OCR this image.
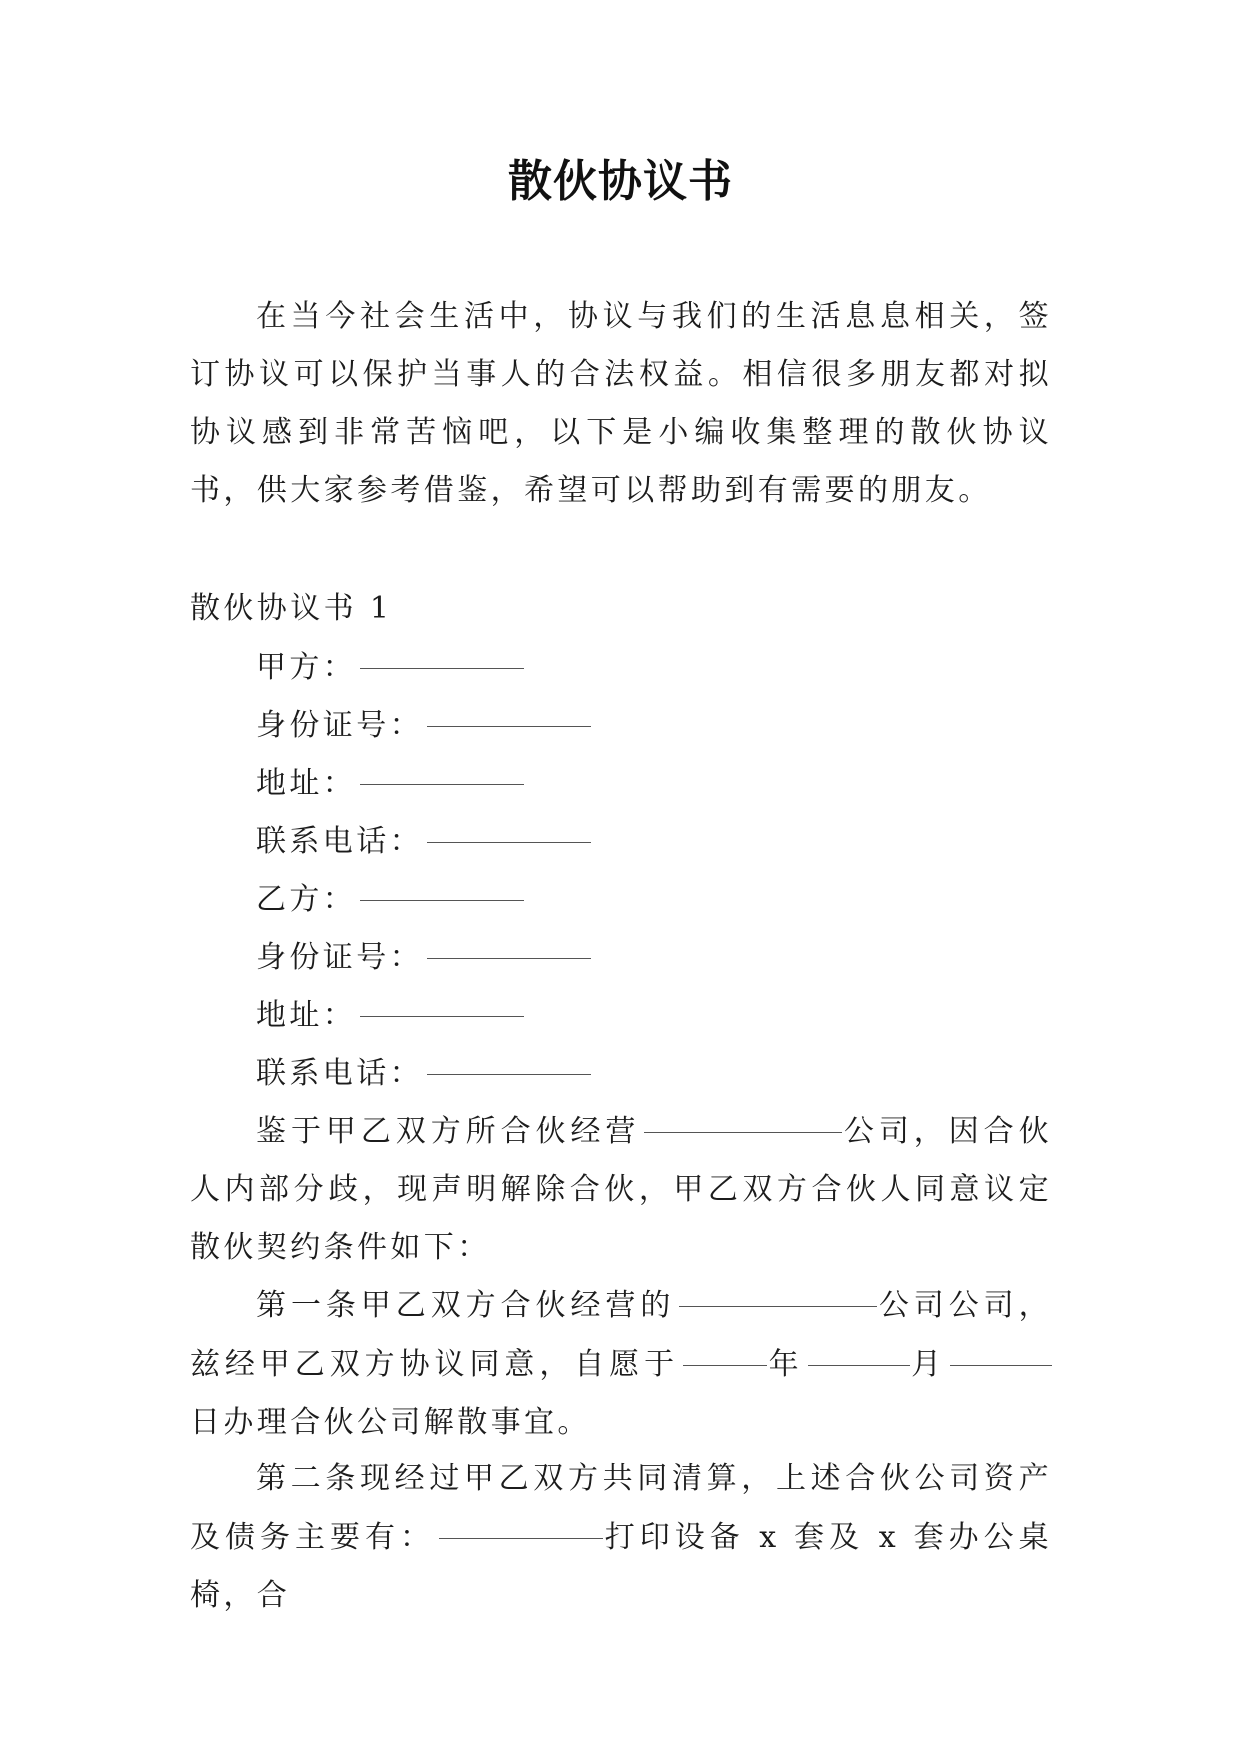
散伙协议书
在当今社会生活中，协议与我们的生活息息相关，签订协议可以保护当事人的合法权益。相信很多朋友都对拟协议感到非常苦恼吧，以下是小编收集整理的散伙协议书，供大家参考借鉴，希望可以帮助到有需要的朋友。
散伙协议书 1
甲方：
身份证号：
地址：
联系电话：
乙方：
身份证号：
地址：
联系电话：
鉴于甲乙双方所合伙经营	公司，因合伙人内部分歧，现声明解除合伙，甲乙双方合伙人同意议定散伙契约条件如下：
第一条甲乙双方合伙经营的	公司公司，兹经甲乙双方协议同意，自愿于	年	月日办理合伙公司解散事宜。
第二条现经过甲乙双方共同清算，上述合伙公司资产及债务主要有：	打印设备 x 套及 x 套办公桌椅，合
